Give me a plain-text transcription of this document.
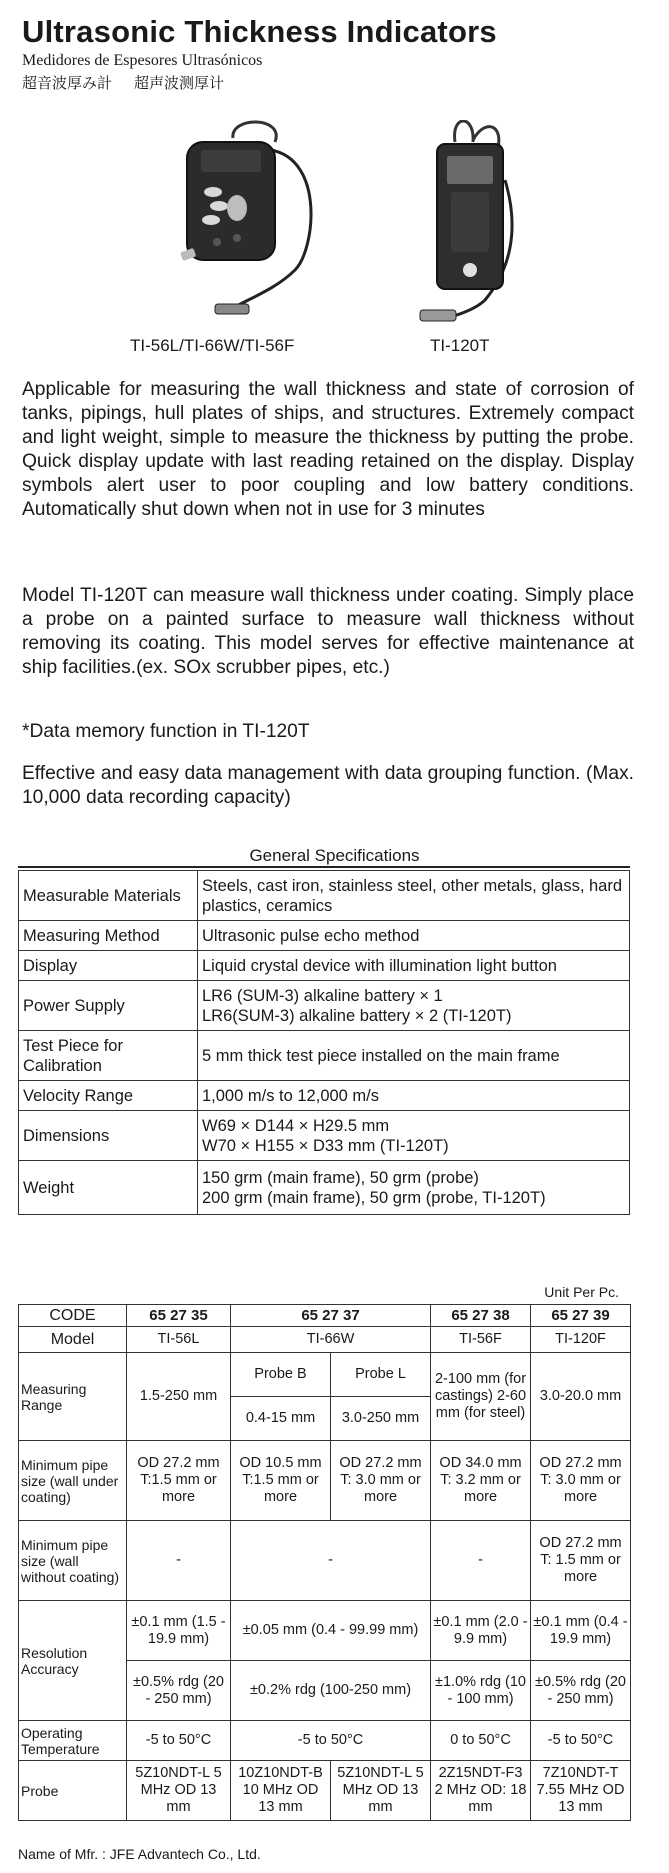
Ultrasonic Thickness Indicators
Medidores de Espesores Ultrasónicos
超音波厚み計 超声波测厚计
TI-56L/TI-66W/TI-56F	TI-120T
Applicable for measuring the wall thickness and state of corrosion of tanks, pipings, hull plates of ships, and structures. Extremely compact and light weight, simple to measure the thickness by putting the probe. Quick display update with last reading retained on the display. Display symbols alert user to poor coupling and low battery conditions. Automatically shut down when not in use for 3 minutes
Model TI-120T can measure wall thickness under coating. Simply place a probe on a painted surface to measure wall thickness without removing its coating. This model serves for effective maintenance at ship facilities.(ex. SOx scrubber pipes, etc.)
*Data memory function in TI-120T
Effective and easy data management with data grouping function. (Max. 10,000 data recording capacity)
General Specifications
Measurable Materials	Steels, cast iron, stainless steel, other metals, glass, hard plastics, ceramics
Measuring Method	Ultrasonic pulse echo method
Display	Liquid crystal device with illumination light button
Power Supply	LR6 (SUM-3) alkaline battery × 1
LR6(SUM-3) alkaline battery × 2 (TI-120T)

Test Piece for Calibration	5 mm thick test piece installed on the main frame
Velocity Range	1,000 m/s to 12,000 m/s
Dimensions	W69 × D144 × H29.5 mm
W70 × H155 × D33 mm (TI-120T)

Weight	150 grm (main frame), 50 grm (probe)
200 grm (main frame), 50 grm (probe, TI-120T)
Unit Per Pc.
CODE	65 27 35	65 27 37		65 27 38	65 27 39
Model	TI-56L	TI-66W		TI-56F	TI-120F
Measuring Range	1.5-250 mm	Probe B	Probe L	2-100 mm (for castings) 2-60 mm (for steel)	3.0-20.0 mm
		0.4-15 mm	3.0-250 mm		
Minimum pipe size (wall under coating)	OD 27.2 mm T:1.5 mm or more	OD 10.5 mm T:1.5 mm or more	OD 27.2 mm T: 3.0 mm or more	OD 34.0 mm T: 3.2 mm or more	OD 27.2 mm T: 3.0 mm or more
Minimum pipe size (wall without coating)	-	-		-	OD 27.2 mm T: 1.5 mm or more
Resolution Accuracy	±0.1 mm (1.5 - 19.9 mm)	±0.05 mm (0.4 - 99.99 mm)		±0.1 mm (2.0 - 9.9 mm)	±0.1 mm (0.4 - 19.9 mm)
	±0.5% rdg (20 - 250 mm)	±0.2% rdg (100-250 mm)		±1.0% rdg (10 - 100 mm)	±0.5% rdg (20 - 250 mm)
Operating Temperature	-5 to 50°C	-5 to 50°C		0 to 50°C	-5 to 50°C
Probe	5Z10NDT-L 5 MHz OD 13 mm	10Z10NDT-B 10 MHz OD 13 mm	5Z10NDT-L 5 MHz OD 13 mm	2Z15NDT-F3 2 MHz OD: 18 mm	7Z10NDT-T 7.55 MHz OD 13 mm
Name of Mfr. : JFE Advantech Co., Ltd.
